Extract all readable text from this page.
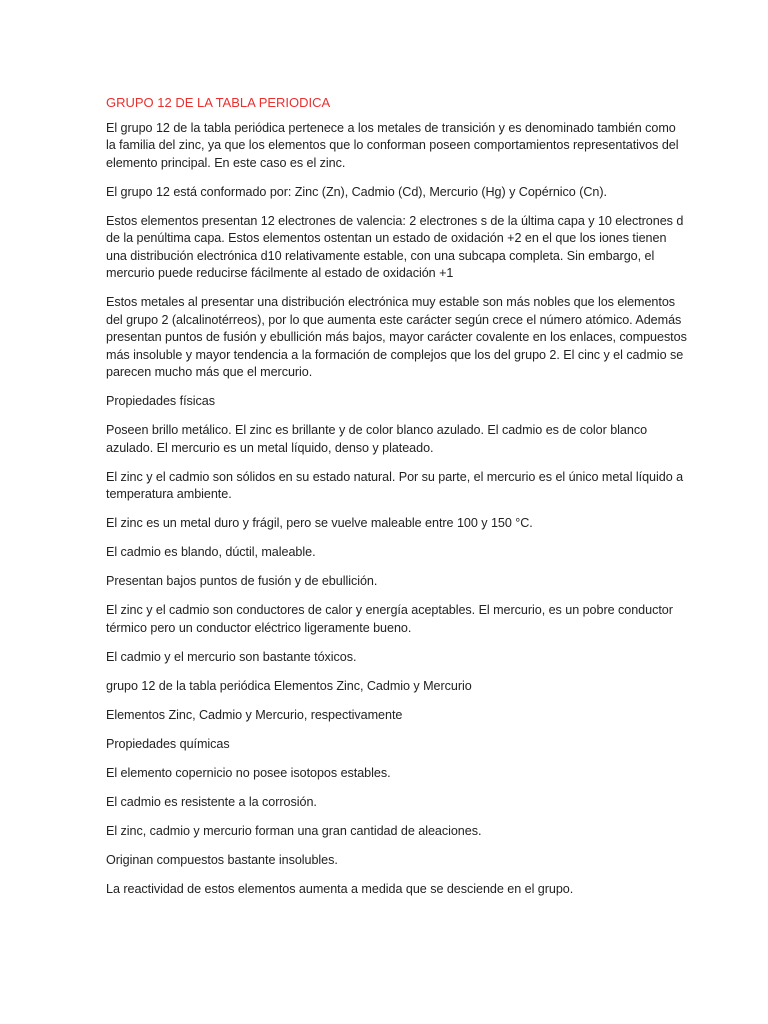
GRUPO 12 DE LA TABLA PERIODICA

El grupo 12 de la tabla periódica pertenece a los metales de transición y es denominado también como la familia del zinc, ya que los elementos que lo conforman poseen comportamientos representativos del elemento principal. En este caso es el zinc.

El grupo 12 está conformado por: Zinc (Zn), Cadmio (Cd), Mercurio (Hg) y Copérnico (Cn).

Estos elementos presentan 12 electrones de valencia: 2 electrones s de la última capa y 10 electrones d de la penúltima capa. Estos elementos ostentan un estado de oxidación +2 en el que los iones tienen una distribución electrónica d10 relativamente estable, con una subcapa completa. Sin embargo, el mercurio puede reducirse fácilmente al estado de oxidación +1

Estos metales al presentar una distribución electrónica muy estable son más nobles que los elementos del grupo 2 (alcalinotérreos), por lo que aumenta este carácter según crece el número atómico. Además presentan puntos de fusión y ebullición más bajos, mayor carácter covalente en los enlaces, compuestos más insoluble y mayor tendencia a la formación de complejos que los del grupo 2. El cinc y el cadmio se parecen mucho más que el mercurio.

Propiedades físicas

Poseen brillo metálico. El zinc es brillante y de color blanco azulado. El cadmio es de color blanco azulado. El mercurio es un metal líquido, denso y plateado.

El zinc y el cadmio son sólidos en su estado natural. Por su parte, el mercurio es el único metal líquido a temperatura ambiente.

El zinc es un metal duro y frágil, pero se vuelve maleable entre 100 y 150 °C.

El cadmio es blando, dúctil, maleable.

Presentan bajos puntos de fusión y de ebullición.

El zinc y el cadmio son conductores de calor y energía aceptables. El mercurio, es un pobre conductor térmico pero un conductor eléctrico ligeramente bueno.

El cadmio y el mercurio son bastante tóxicos.

grupo 12 de la tabla periódica Elementos Zinc, Cadmio y Mercurio

Elementos Zinc, Cadmio y Mercurio, respectivamente

Propiedades químicas

El elemento copernicio no posee isotopos estables.

El cadmio es resistente a la corrosión.

El zinc, cadmio y mercurio forman una gran cantidad de aleaciones.

Originan compuestos bastante insolubles.

La reactividad de estos elementos aumenta a medida que se desciende en el grupo.
